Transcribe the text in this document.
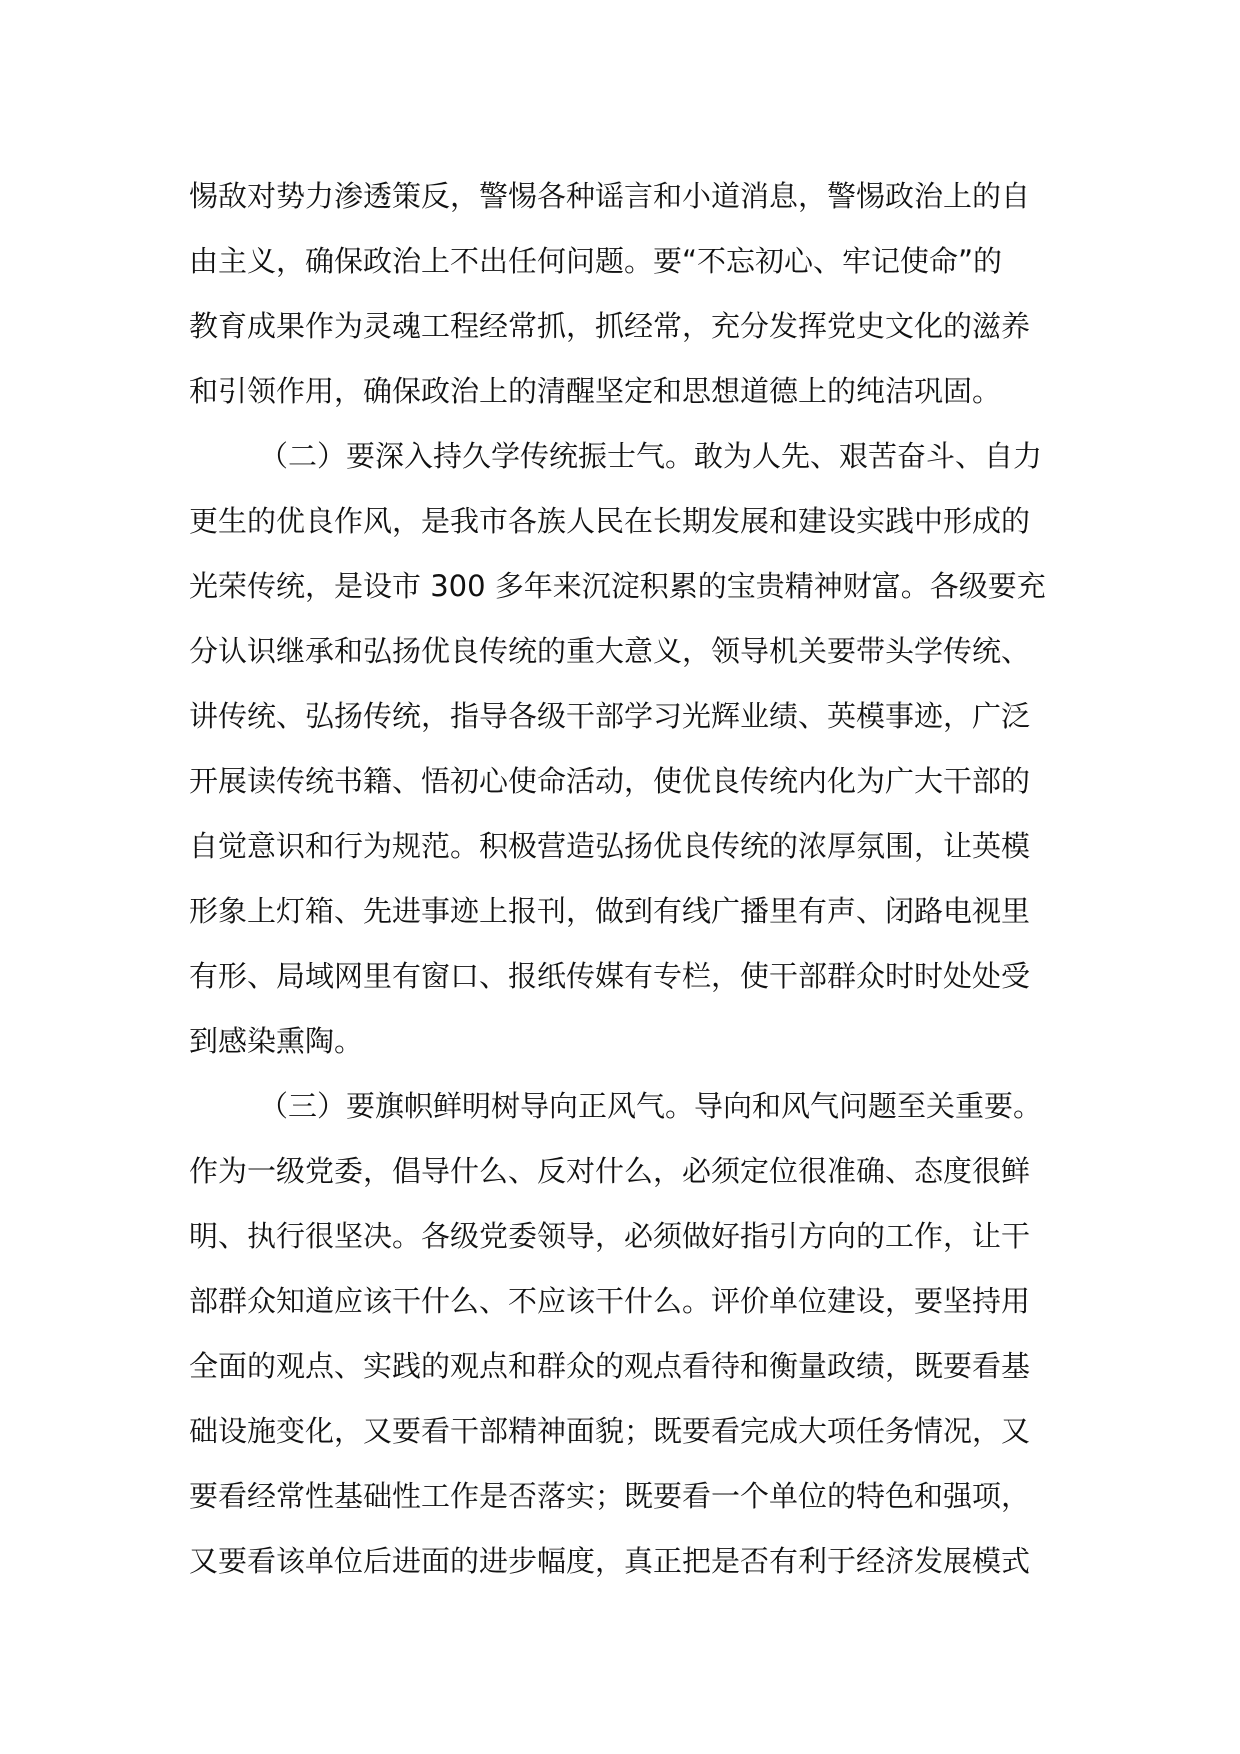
惕敌对势力渗透策反，警惕各种谣言和小道消息，警惕政治上的自
由主义，确保政治上不出任何问题。要“不忘初心、牢记使命”的
教育成果作为灵魂工程经常抓，抓经常，充分发挥党史文化的滋养
和引领作用，确保政治上的清醒坚定和思想道德上的纯洁巩固。
（二）要深入持久学传统振士气。敢为人先、艰苦奋斗、自力
更生的优良作风，是我市各族人民在长期发展和建设实践中形成的
光荣传统，是设市 300 多年来沉淀积累的宝贵精神财富。各级要充
分认识继承和弘扬优良传统的重大意义，领导机关要带头学传统、
讲传统、弘扬传统，指导各级干部学习光辉业绩、英模事迹，广泛
开展读传统书籍、悟初心使命活动，使优良传统内化为广大干部的
自觉意识和行为规范。积极营造弘扬优良传统的浓厚氛围，让英模
形象上灯箱、先进事迹上报刊，做到有线广播里有声、闭路电视里
有形、局域网里有窗口、报纸传媒有专栏，使干部群众时时处处受
到感染熏陶。
（三）要旗帜鲜明树导向正风气。导向和风气问题至关重要。
作为一级党委，倡导什么、反对什么，必须定位很准确、态度很鲜
明、执行很坚决。各级党委领导，必须做好指引方向的工作，让干
部群众知道应该干什么、不应该干什么。评价单位建设，要坚持用
全面的观点、实践的观点和群众的观点看待和衡量政绩，既要看基
础设施变化，又要看干部精神面貌；既要看完成大项任务情况，又
要看经常性基础性工作是否落实；既要看一个单位的特色和强项，
又要看该单位后进面的进步幅度，真正把是否有利于经济发展模式
